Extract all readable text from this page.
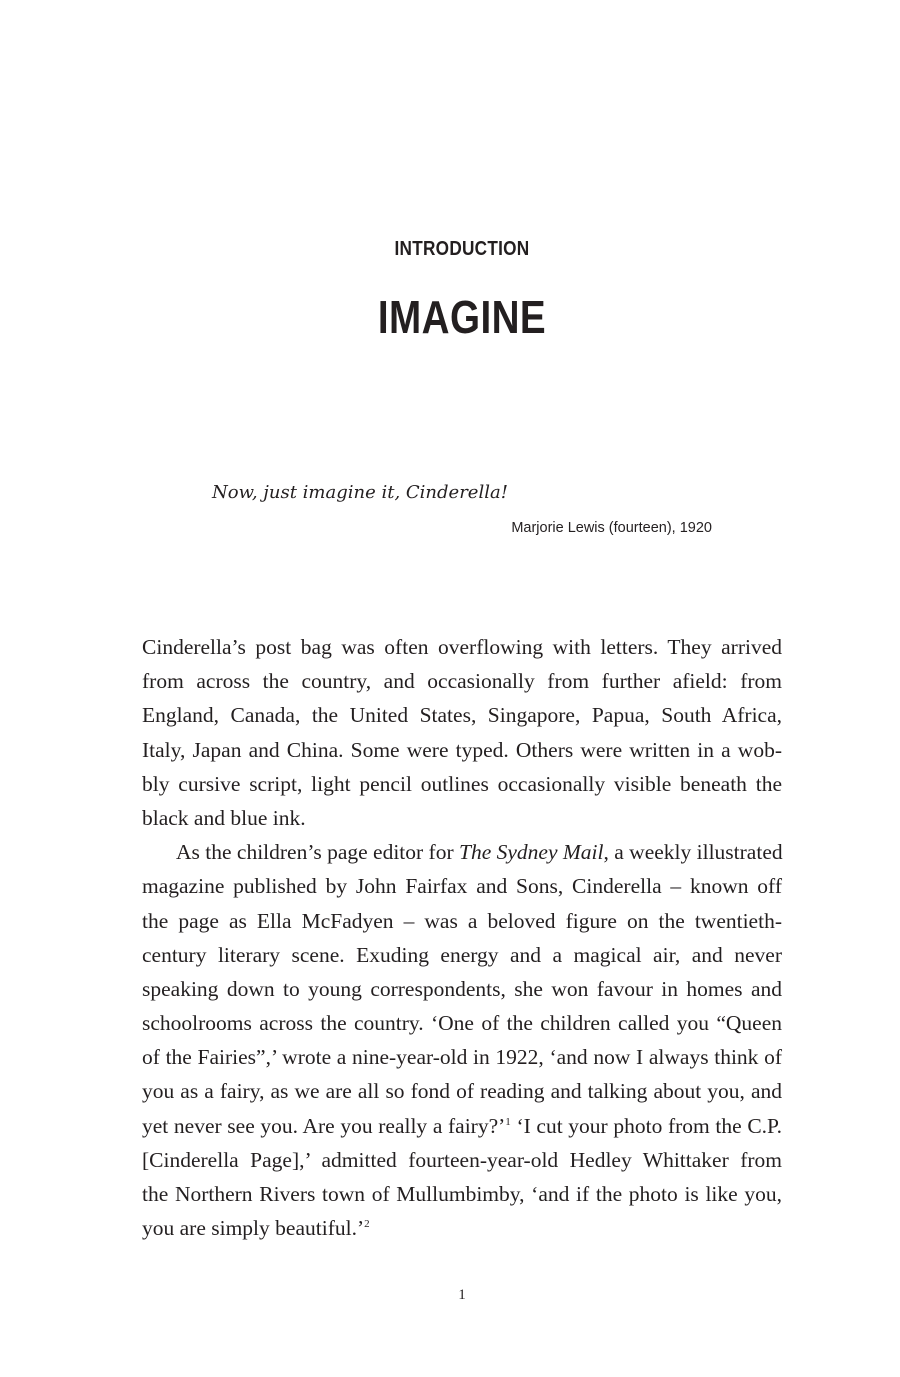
INTRODUCTION
IMAGINE
Now, just imagine it, Cinderella!
Marjorie Lewis (fourteen), 1920

Cinderella’s post bag was often overflowing with letters. They arrived
from across the country, and occasionally from further afield: from
England, Canada, the United States, Singapore, Papua, South Africa,
Italy, Japan and China. Some were typed. Others were written in a wob-
bly cursive script, light pencil outlines occasionally visible beneath the
black and blue ink.

As the children’s page editor for The Sydney Mail, a weekly illustrated
magazine published by John Fairfax and Sons, Cinderella – known off
the page as Ella McFadyen – was a beloved figure on the twentieth-
century literary scene. Exuding energy and a magical air, and never
speaking down to young correspondents, she won favour in homes and
schoolrooms across the country. ‘One of the children called you “Queen
of the Fairies”,’ wrote a nine-year-old in 1922, ‘and now I always think of
you as a fairy, as we are all so fond of reading and talking about you, and
yet never see you. Are you really a fairy?’$^1$ ‘I cut your photo from the C.P.
[Cinderella Page],’ admitted fourteen-year-old Hedley Whittaker from
the Northern Rivers town of Mullumbimby, ‘and if the photo is like you,
you are simply beautiful.’$^2$

1
